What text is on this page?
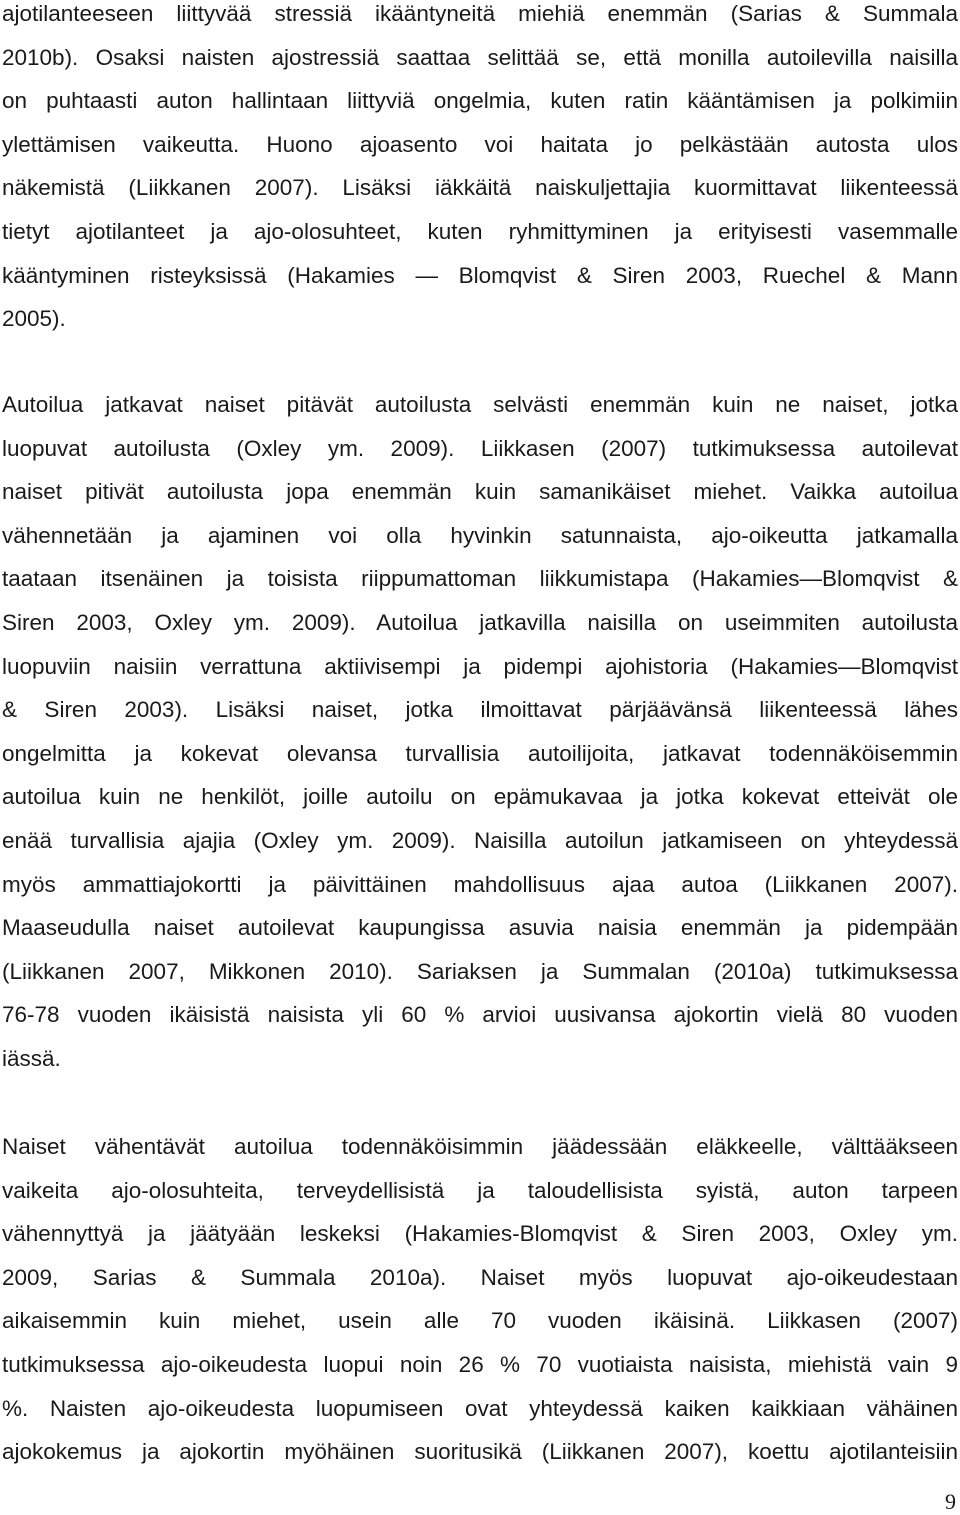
ajotilanteeseen liittyvää stressiä ikääntyneitä miehiä enemmän (Sarias & Summala
2010b). Osaksi naisten ajostressiä saattaa selittää se, että monilla autoilevilla naisilla
on puhtaasti auton hallintaan liittyviä ongelmia, kuten ratin kääntämisen ja polkimiin
ylettämisen vaikeutta. Huono ajoasento voi haitata jo pelkästään autosta ulos
näkemistä (Liikkanen 2007). Lisäksi iäkkäitä naiskuljettajia kuormittavat liikenteessä
tietyt ajotilanteet ja ajo-olosuhteet, kuten ryhmittyminen ja erityisesti vasemmalle
kääntyminen risteyksissä (Hakamies — Blomqvist & Siren 2003, Ruechel & Mann
2005).
Autoilua jatkavat naiset pitävät autoilusta selvästi enemmän kuin ne naiset, jotka
luopuvat autoilusta (Oxley ym. 2009). Liikkasen (2007) tutkimuksessa autoilevat
naiset pitivät autoilusta jopa enemmän kuin samanikäiset miehet. Vaikka autoilua
vähennetään ja ajaminen voi olla hyvinkin satunnaista, ajo-oikeutta jatkamalla
taataan itsenäinen ja toisista riippumattoman liikkumistapa (Hakamies—Blomqvist &
Siren 2003, Oxley ym. 2009). Autoilua jatkavilla naisilla on useimmiten autoilusta
luopuviin naisiin verrattuna aktiivisempi ja pidempi ajohistoria (Hakamies—Blomqvist
& Siren 2003). Lisäksi naiset, jotka ilmoittavat pärjäävänsä liikenteessä lähes
ongelmitta ja kokevat olevansa turvallisia autoilijoita, jatkavat todennäköisemmin
autoilua kuin ne henkilöt, joille autoilu on epämukavaa ja jotka kokevat etteivät ole
enää turvallisia ajajia (Oxley ym. 2009). Naisilla autoilun jatkamiseen on yhteydessä
myös ammattiajokortti ja päivittäinen mahdollisuus ajaa autoa (Liikkanen 2007).
Maaseudulla naiset autoilevat kaupungissa asuvia naisia enemmän ja pidempään
(Liikkanen 2007, Mikkonen 2010). Sariaksen ja Summalan (2010a) tutkimuksessa
76-78 vuoden ikäisistä naisista yli 60 % arvioi uusivansa ajokortin vielä 80 vuoden
iässä.
Naiset vähentävät autoilua todennäköisimmin jäädessään eläkkeelle, välttääkseen
vaikeita ajo-olosuhteita, terveydellisistä ja taloudellisista syistä, auton tarpeen
vähennyttyä ja jäätyään leskeksi (Hakamies-Blomqvist & Siren 2003, Oxley ym.
2009, Sarias & Summala 2010a). Naiset myös luopuvat ajo-oikeudestaan
aikaisemmin kuin miehet, usein alle 70 vuoden ikäisinä. Liikkasen (2007)
tutkimuksessa ajo-oikeudesta luopui noin 26 % 70 vuotiaista naisista, miehistä vain 9
%. Naisten ajo-oikeudesta luopumiseen ovat yhteydessä kaiken kaikkiaan vähäinen
ajokokemus ja ajokortin myöhäinen suoritusikä (Liikkanen 2007), koettu ajotilanteisiin
9
